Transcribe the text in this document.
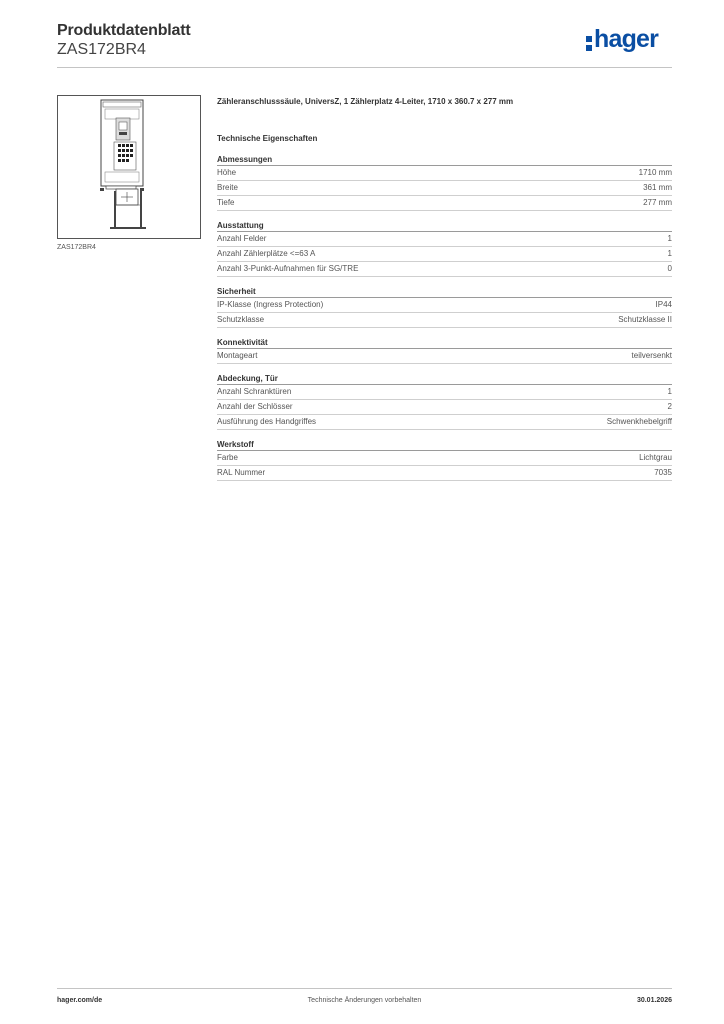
Produktdatenblatt
ZAS172BR4	hager
ZAS172BR4
Zähleranschlusssäule, UniversZ, 1 Zählerplatz 4-Leiter, 1710 x 360.7 x 277 mm
Technische Eigenschaften
Abmessungen
Höhe	1710 mm
Breite	361 mm
Tiefe	277 mm
Ausstattung
Anzahl Felder	1
Anzahl Zählerplätze <=63 A	1
Anzahl 3-Punkt-Aufnahmen für SG/TRE	0
Sicherheit
IP-Klasse (Ingress Protection)	IP44
Schutzklasse	Schutzklasse II
Konnektivität
Montageart	teilversenkt
Abdeckung, Tür
Anzahl Schranktüren	1
Anzahl der Schlösser	2
Ausführung des Handgriffes	Schwenkhebelgriff
Werkstoff
Farbe	Lichtgrau
RAL Nummer	7035
hager.com/de	Technische Änderungen vorbehalten	30.01.2026
